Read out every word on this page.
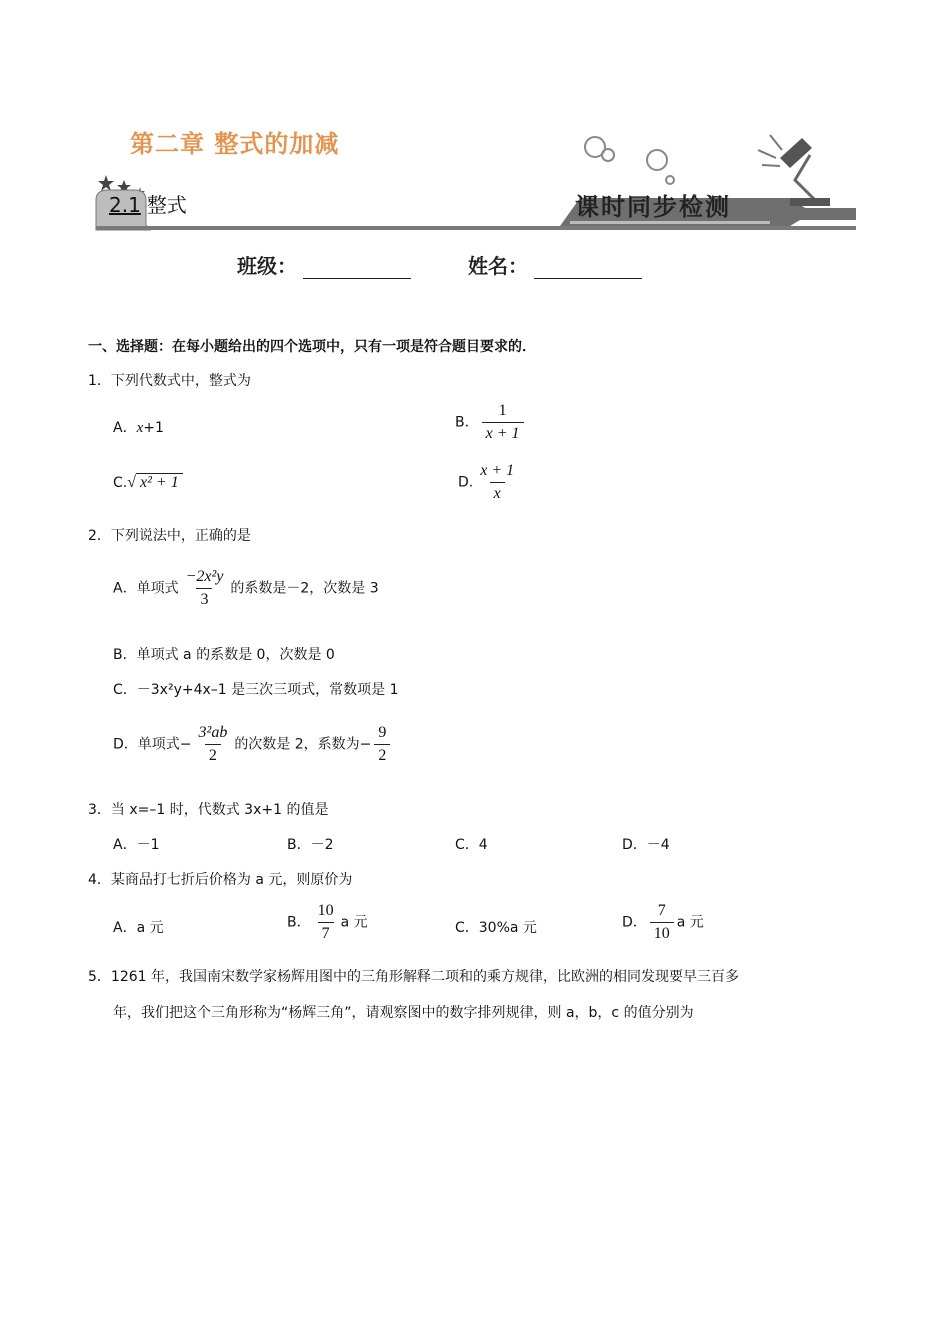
第二章 整式的加减
2.1 整式	课时同步检测
班级：	姓名：
一、选择题：在每小题给出的四个选项中，只有一项是符合题目要求的．
1．下列代数式中，整式为
A．x+1	B． $\frac{1}{x + 1}$
C.√ x² + 1	D. $\frac{x + 1}{x}$
2．下列说法中，正确的是
A．单项式 $\frac{\text{−2x²y}}{3}$ 的系数是－2，次数是 3
B．单项式 a 的系数是 0，次数是 0
C．－3x²y+4x–1 是三次三项式，常数项是 1
D．单项式− $\frac{\text{3²ab}}{2}$ 的次数是 2，系数为− $\frac{9}{2}$
3．当 x=–1 时，代数式 3x+1 的值是
A．－1	B．－2	C．4	D．－4
4．某商品打七折后价格为 a 元，则原价为
A．a 元	B． $\frac{10}{7}$ a 元	C．30%a 元	D． $\frac{7}{10}$ a 元
5．1261 年，我国南宋数学家杨辉用图中的三角形解释二项和的乘方规律，比欧洲的相同发现要早三百多
年，我们把这个三角形称为“杨辉三角”，请观察图中的数字排列规律，则 a，b，c 的值分别为
